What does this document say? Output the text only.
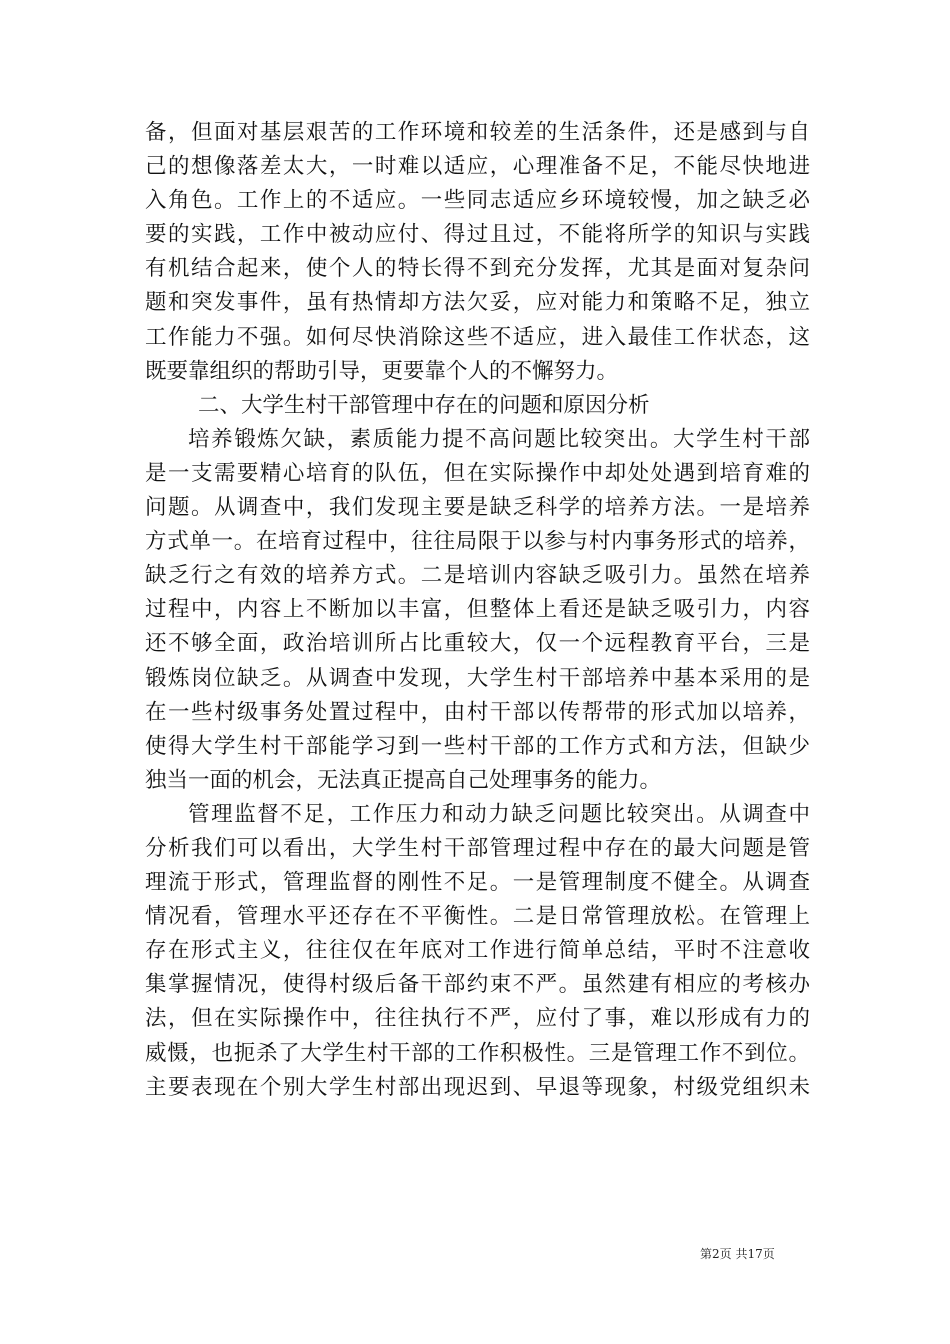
备，但面对基层艰苦的工作环境和较差的生活条件，还是感到与自
己的想像落差太大，一时难以适应，心理准备不足，不能尽快地进
入角色。工作上的不适应。一些同志适应乡环境较慢，加之缺乏必
要的实践，工作中被动应付、得过且过，不能将所学的知识与实践
有机结合起来，使个人的特长得不到充分发挥，尤其是面对复杂问
题和突发事件，虽有热情却方法欠妥，应对能力和策略不足，独立
工作能力不强。如何尽快消除这些不适应，进入最佳工作状态，这
既要靠组织的帮助引导，更要靠个人的不懈努力。
二、大学生村干部管理中存在的问题和原因分析
培养锻炼欠缺，素质能力提不高问题比较突出。大学生村干部
是一支需要精心培育的队伍，但在实际操作中却处处遇到培育难的
问题。从调查中，我们发现主要是缺乏科学的培养方法。一是培养
方式单一。在培育过程中，往往局限于以参与村内事务形式的培养，
缺乏行之有效的培养方式。二是培训内容缺乏吸引力。虽然在培养
过程中，内容上不断加以丰富，但整体上看还是缺乏吸引力，内容
还不够全面，政治培训所占比重较大，仅一个远程教育平台，三是
锻炼岗位缺乏。从调查中发现，大学生村干部培养中基本采用的是
在一些村级事务处置过程中，由村干部以传帮带的形式加以培养，
使得大学生村干部能学习到一些村干部的工作方式和方法，但缺少
独当一面的机会，无法真正提高自己处理事务的能力。
管理监督不足，工作压力和动力缺乏问题比较突出。从调查中
分析我们可以看出，大学生村干部管理过程中存在的最大问题是管
理流于形式，管理监督的刚性不足。一是管理制度不健全。从调查
情况看，管理水平还存在不平衡性。二是日常管理放松。在管理上
存在形式主义，往往仅在年底对工作进行简单总结，平时不注意收
集掌握情况，使得村级后备干部约束不严。虽然建有相应的考核办
法，但在实际操作中，往往执行不严，应付了事，难以形成有力的
威慑，也扼杀了大学生村干部的工作积极性。三是管理工作不到位。
主要表现在个别大学生村部出现迟到、早退等现象，村级党组织未
第2页 共17页
